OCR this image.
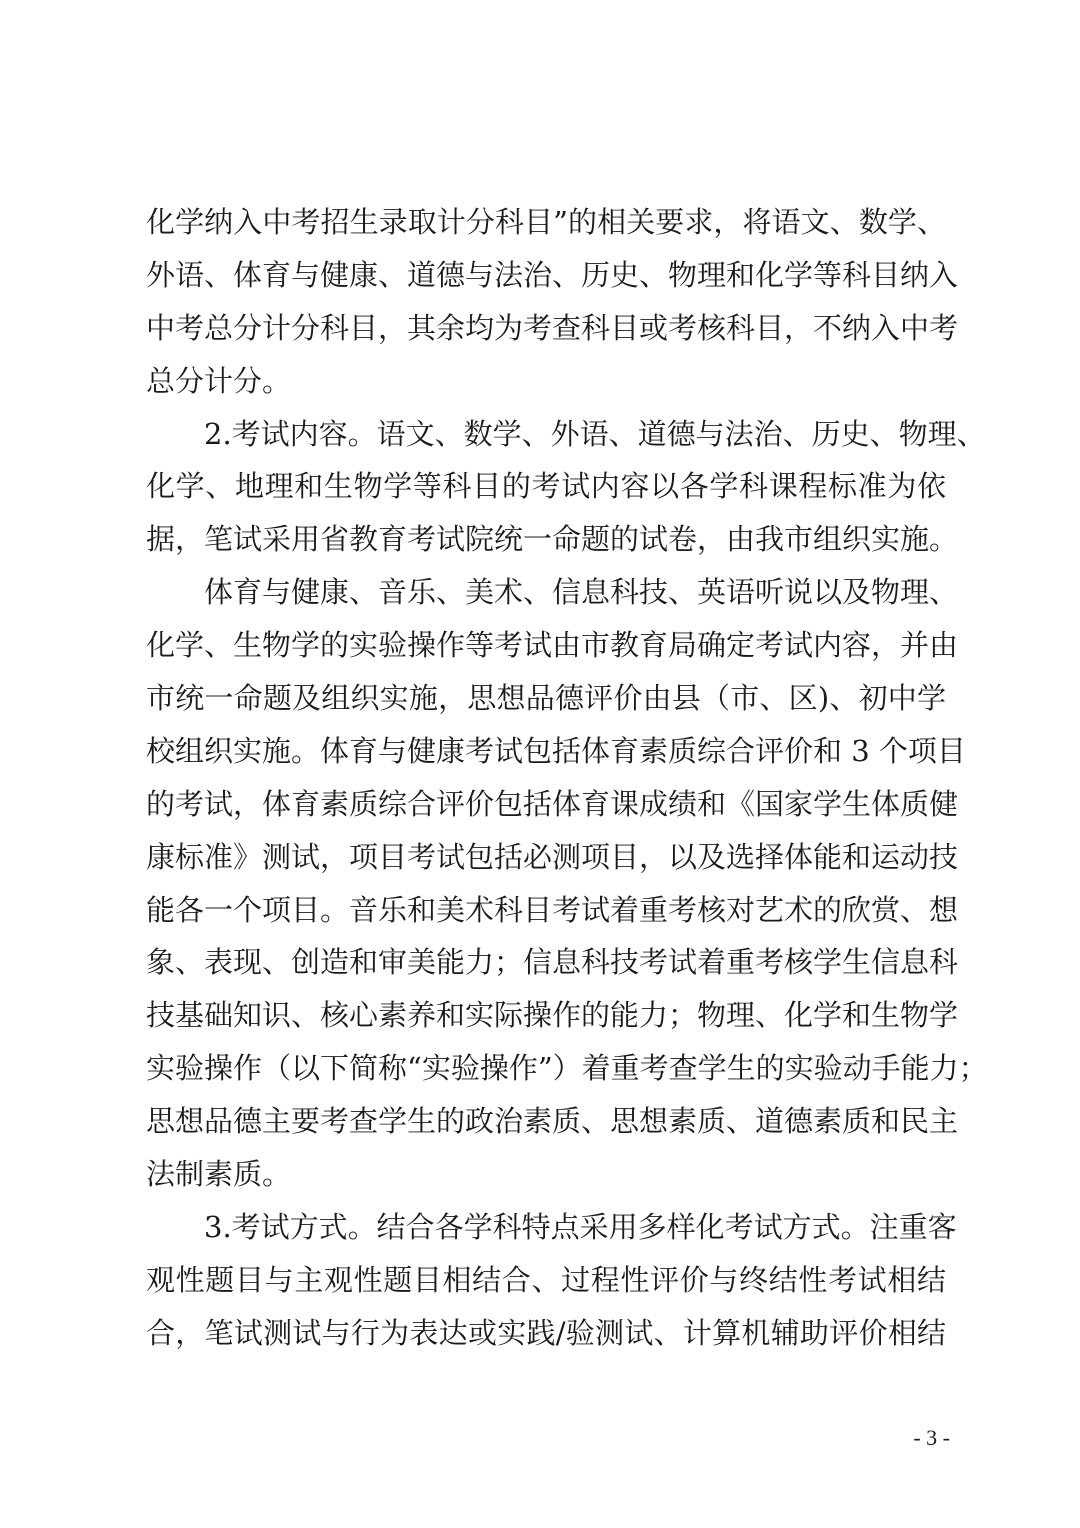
化学纳入中考招生录取计分科目”的相关要求，将语文、数学、
外语、体育与健康、道德与法治、历史、物理和化学等科目纳入
中考总分计分科目，其余均为考查科目或考核科目，不纳入中考
总分计分。
2.考试内容。语文、数学、外语、道德与法治、历史、物理、
化学、地理和生物学等科目的考试内容以各学科课程标准为依
据，笔试采用省教育考试院统一命题的试卷，由我市组织实施。
体育与健康、音乐、美术、信息科技、英语听说以及物理、
化学、生物学的实验操作等考试由市教育局确定考试内容，并由
市统一命题及组织实施，思想品德评价由县（市、区)、初中学
校组织实施。体育与健康考试包括体育素质综合评价和 3 个项目
的考试，体育素质综合评价包括体育课成绩和《国家学生体质健
康标准》测试，项目考试包括必测项目，以及选择体能和运动技
能各一个项目。音乐和美术科目考试着重考核对艺术的欣赏、想
象、表现、创造和审美能力；信息科技考试着重考核学生信息科
技基础知识、核心素养和实际操作的能力；物理、化学和生物学
实验操作（以下简称“实验操作”）着重考查学生的实验动手能力；
思想品德主要考查学生的政治素质、思想素质、道德素质和民主
法制素质。
3.考试方式。结合各学科特点采用多样化考试方式。注重客
观性题目与主观性题目相结合、过程性评价与终结性考试相结
合，笔试测试与行为表达或实践/验测试、计算机辅助评价相结
- 3 -
